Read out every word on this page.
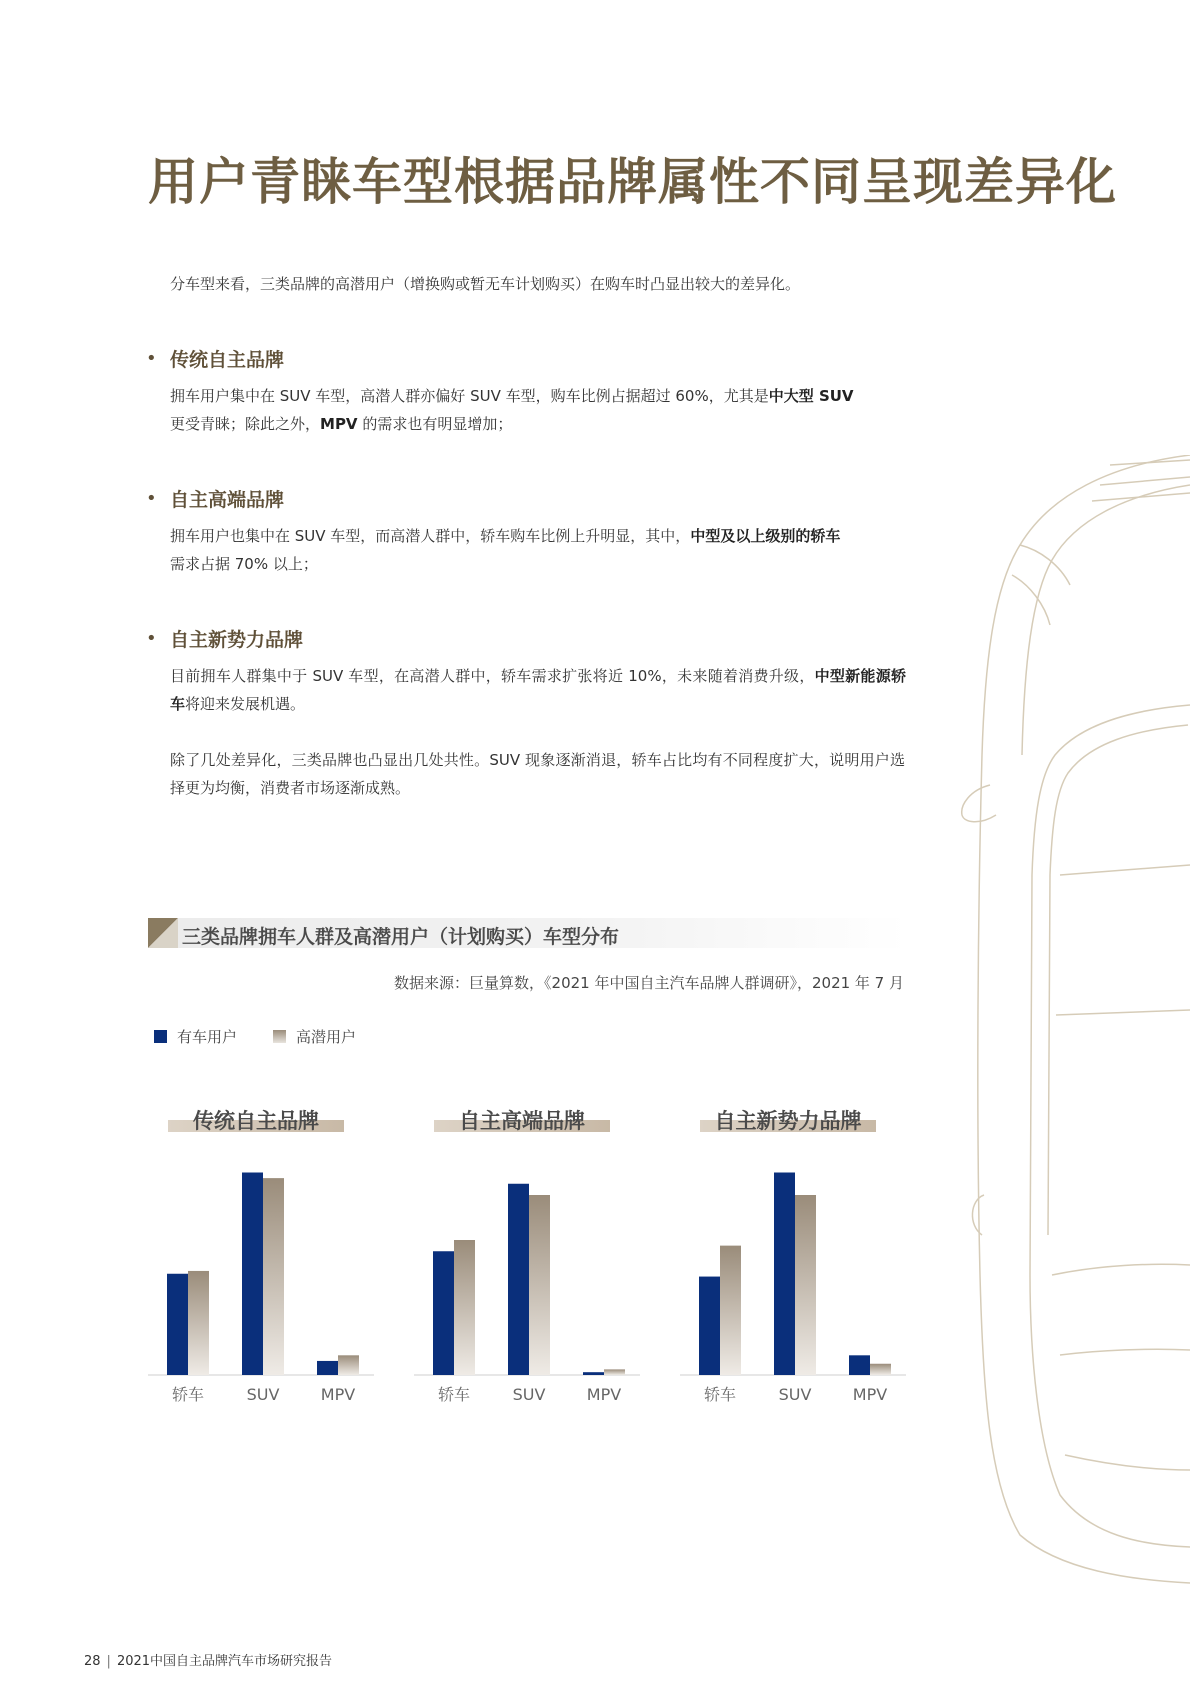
用户青睐车型根据品牌属性不同呈现差异化
分车型来看，三类品牌的高潜用户（增换购或暂无车计划购买）在购车时凸显出较大的差异化。
• 传统自主品牌

拥车用户集中在 SUV 车型，高潜人群亦偏好 SUV 车型，购车比例占据超过 60%，尤其是中大型 SUV
更受青睐；除此之外，MPV 的需求也有明显增加；

• 自主高端品牌

拥车用户也集中在 SUV 车型，而高潜人群中，轿车购车比例上升明显，其中，中型及以上级别的轿车
需求占据 70% 以上；

• 自主新势力品牌

目前拥车人群集中于 SUV 车型，在高潜人群中，轿车需求扩张将近 10%，未来随着消费升级，中型新能源轿车将迎来发展机遇。

除了几处差异化，三类品牌也凸显出几处共性。SUV 现象逐渐消退，轿车占比均有不同程度扩大，说明用户选择更为均衡，消费者市场逐渐成熟。
三类品牌拥车人群及高潜用户（计划购买）车型分布
数据来源：巨量算数，《2021 年中国自主汽车品牌人群调研》，2021 年 7 月
有车用户	高潜用户
传统自主品牌
轿车	SUV	MPV
自主高端品牌
轿车	SUV	MPV
自主新势力品牌
轿车	SUV	MPV
28 | 2021中国自主品牌汽车市场研究报告
